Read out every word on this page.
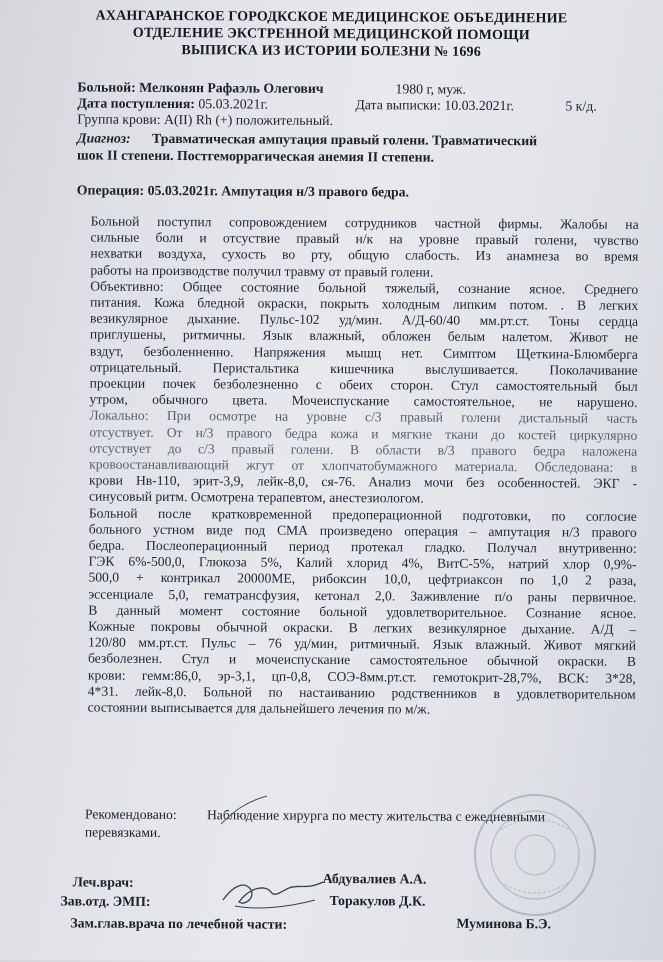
АХАНГАРАНСКОЕ ГОРОДКСКОЕ МЕДИЦИНСКОЕ ОБЪЕДИНЕНИЕ
ОТДЕЛЕНИЕ ЭКСТРЕННОЙ МЕДИЦИНСКОЙ ПОМОЩИ
ВЫПИСКА ИЗ ИСТОРИИ БОЛЕЗНИ № 1696
Больной: Мелконян Рафаэль Олегович	1980 г, муж.
Дата поступления: 05.03.2021г.	Дата выписки: 10.03.2021г.	5 к/д.
Группа крови: A(II) Rh (+) положительный.
Диагноз: Травматическая ампутация правый голени. Травматический
шок II степени. Постгеморрагическая анемия II степени.
Операция: 05.03.2021г. Ампутация н/3 правого бедра.
Больной поступил сопровождением сотрудников частной фирмы. Жалобы на
сильные боли и отсуствие правый н/к на уровне правый голени, чувство
нехватки воздуха, сухость во рту, общую слабость. Из анамнеза во время
работы на производстве получил травму от правый голени.
Объективно: Общее состояние больной тяжелый, сознание ясное. Среднего
питания. Кожа бледной окраски, покрыть холодным липким потом. . В легких
везикулярное дыхание. Пульс-102 уд/мин. А/Д-60/40 мм.рт.ст. Тоны сердца
приглушены, ритмичны. Язык влажный, обложен белым налетом. Живот не
вздут, безболенненно. Напряжения мышц нет. Симптом Щеткина-Блюмберга
отрицательный. Перистальтика кишечника выслушивается. Поколачивание
проекции почек безболезненно с обеих сторон. Стул самостоятельный был
утром, обычного цвета. Мочеиспускание самостоятельное, не нарушено.
Локально: При осмотре на уровне с/3 правый голени дистальный часть
отсуствует. От н/3 правого бедра кожа и мягкие ткани до костей циркулярно
отсуствует до с/3 правый голени. В области в/3 правого бедра наложена
кровоостанавливающий жгут от хлопчатобумажного материала. Обследована: в
крови Нв-110, эрит-3,9, лейк-8,0, ся-76. Анализ мочи без особенностей. ЭКГ -
синусовый ритм. Осмотрена терапевтом, анестезиологом.
Больной после кратковременной предоперационной подготовки, по соглосие
больного устном виде под СМА произведено операция – ампутация н/3 правого
бедра. Послеоперационный период протекал гладко. Получал внутривенно:
ГЭК 6%-500,0, Глюкоза 5%, Калий хлорид 4%, ВитС-5%, натрий хлор 0,9%-
500,0 + контрикал 20000МЕ, рибоксин 10,0, цефтриаксон по 1,0 2 раза,
эссенциале 5,0, гематрансфузия, кетонал 2,0. Заживление п/о раны первичное.
В данный момент состояние больной удовлетворительное. Сознание ясное.
Кожные покровы обычной окраски. В легких везикулярное дыхание. А/Д –
120/80 мм.рт.ст. Пульс – 76 уд/мин, ритмичный. Язык влажный. Живот мягкий
безболезнен. Стул и мочеиспускание самостоятельное обычной окраски. В
крови: гемм:86,0, эр-3,1, цп-0,8, СОЭ-8мм.рт.ст. гемотокрит-28,7%, ВСК: 3*28,
4*31. лейк-8,0. Больной по настаиванию родственников в удовлетворительном
состоянии выписывается для дальнейшего лечения по м/ж.
Рекомендовано: Наблюдение хирурга по месту жительства с ежедневными
перевязками.
Леч.врач:	Абдувалиев А.А.
Зав.отд. ЭМП:	Торакулов Д.К.
Зам.глав.врача по лечебной части:	Муминова Б.Э.
